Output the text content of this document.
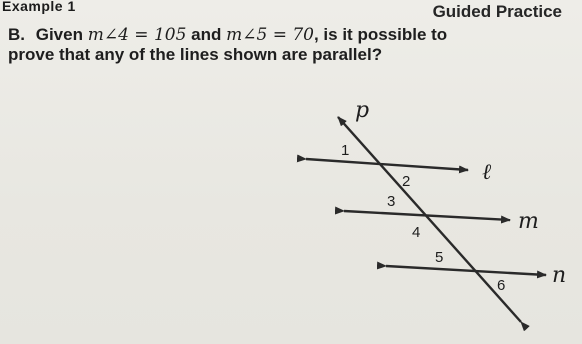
Example 1	Guided Practice
B. Given m∠4 = 105 and m∠5 = 70, is it possible to
prove that any of the lines shown are parallel?
p
ℓ
m
n
1
2
3
4
5
6
